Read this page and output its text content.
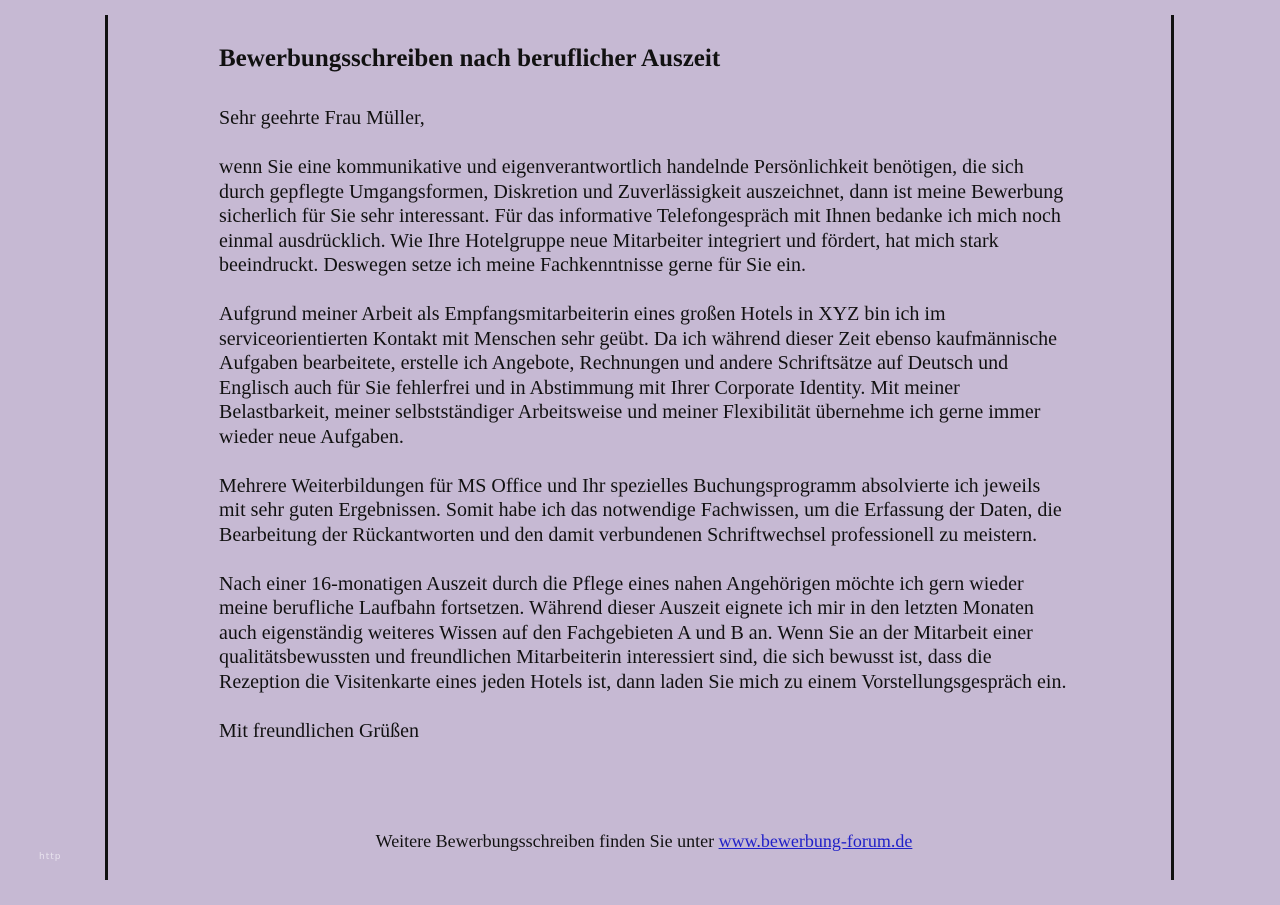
Bewerbungsschreiben nach beruflicher Auszeit

Sehr geehrte Frau Müller,

wenn Sie eine kommunikative und eigenverantwortlich handelnde Persönlichkeit benötigen, die sich durch gepflegte Umgangsformen, Diskretion und Zuverlässigkeit auszeichnet, dann ist meine Bewerbung sicherlich für Sie sehr interessant. Für das informative Telefongespräch mit Ihnen bedanke ich mich noch einmal ausdrücklich. Wie Ihre Hotelgruppe neue Mitarbeiter integriert und fördert, hat mich stark beeindruckt. Deswegen setze ich meine Fachkenntnisse gerne für Sie ein.

Aufgrund meiner Arbeit als Empfangsmitarbeiterin eines großen Hotels in XYZ bin ich im serviceorientierten Kontakt mit Menschen sehr geübt. Da ich während dieser Zeit ebenso kaufmännische Aufgaben bearbeitete, erstelle ich Angebote, Rechnungen und andere Schriftsätze auf Deutsch und Englisch auch für Sie fehlerfrei und in Abstimmung mit Ihrer Corporate Identity. Mit meiner Belastbarkeit, meiner selbstständiger Arbeitsweise und meiner Flexibilität übernehme ich gerne immer wieder neue Aufgaben.

Mehrere Weiterbildungen für MS Office und Ihr spezielles Buchungsprogramm absolvierte ich jeweils mit sehr guten Ergebnissen. Somit habe ich das notwendige Fachwissen, um die Erfassung der Daten, die Bearbeitung der Rückantworten und den damit verbundenen Schriftwechsel professionell zu meistern.

Nach einer 16-monatigen Auszeit durch die Pflege eines nahen Angehörigen möchte ich gern wieder meine berufliche Laufbahn fortsetzen. Während dieser Auszeit eignete ich mir in den letzten Monaten auch eigenständig weiteres Wissen auf den Fachgebieten A und B an. Wenn Sie an der Mitarbeit einer qualitätsbewussten und freundlichen Mitarbeiterin interessiert sind, die sich bewusst ist, dass die Rezeption die Visitenkarte eines jeden Hotels ist, dann laden Sie mich zu einem Vorstellungsgespräch ein.

Mit freundlichen Grüßen

Weitere Bewerbungsschreiben finden Sie unter www.bewerbung-forum.de
http
